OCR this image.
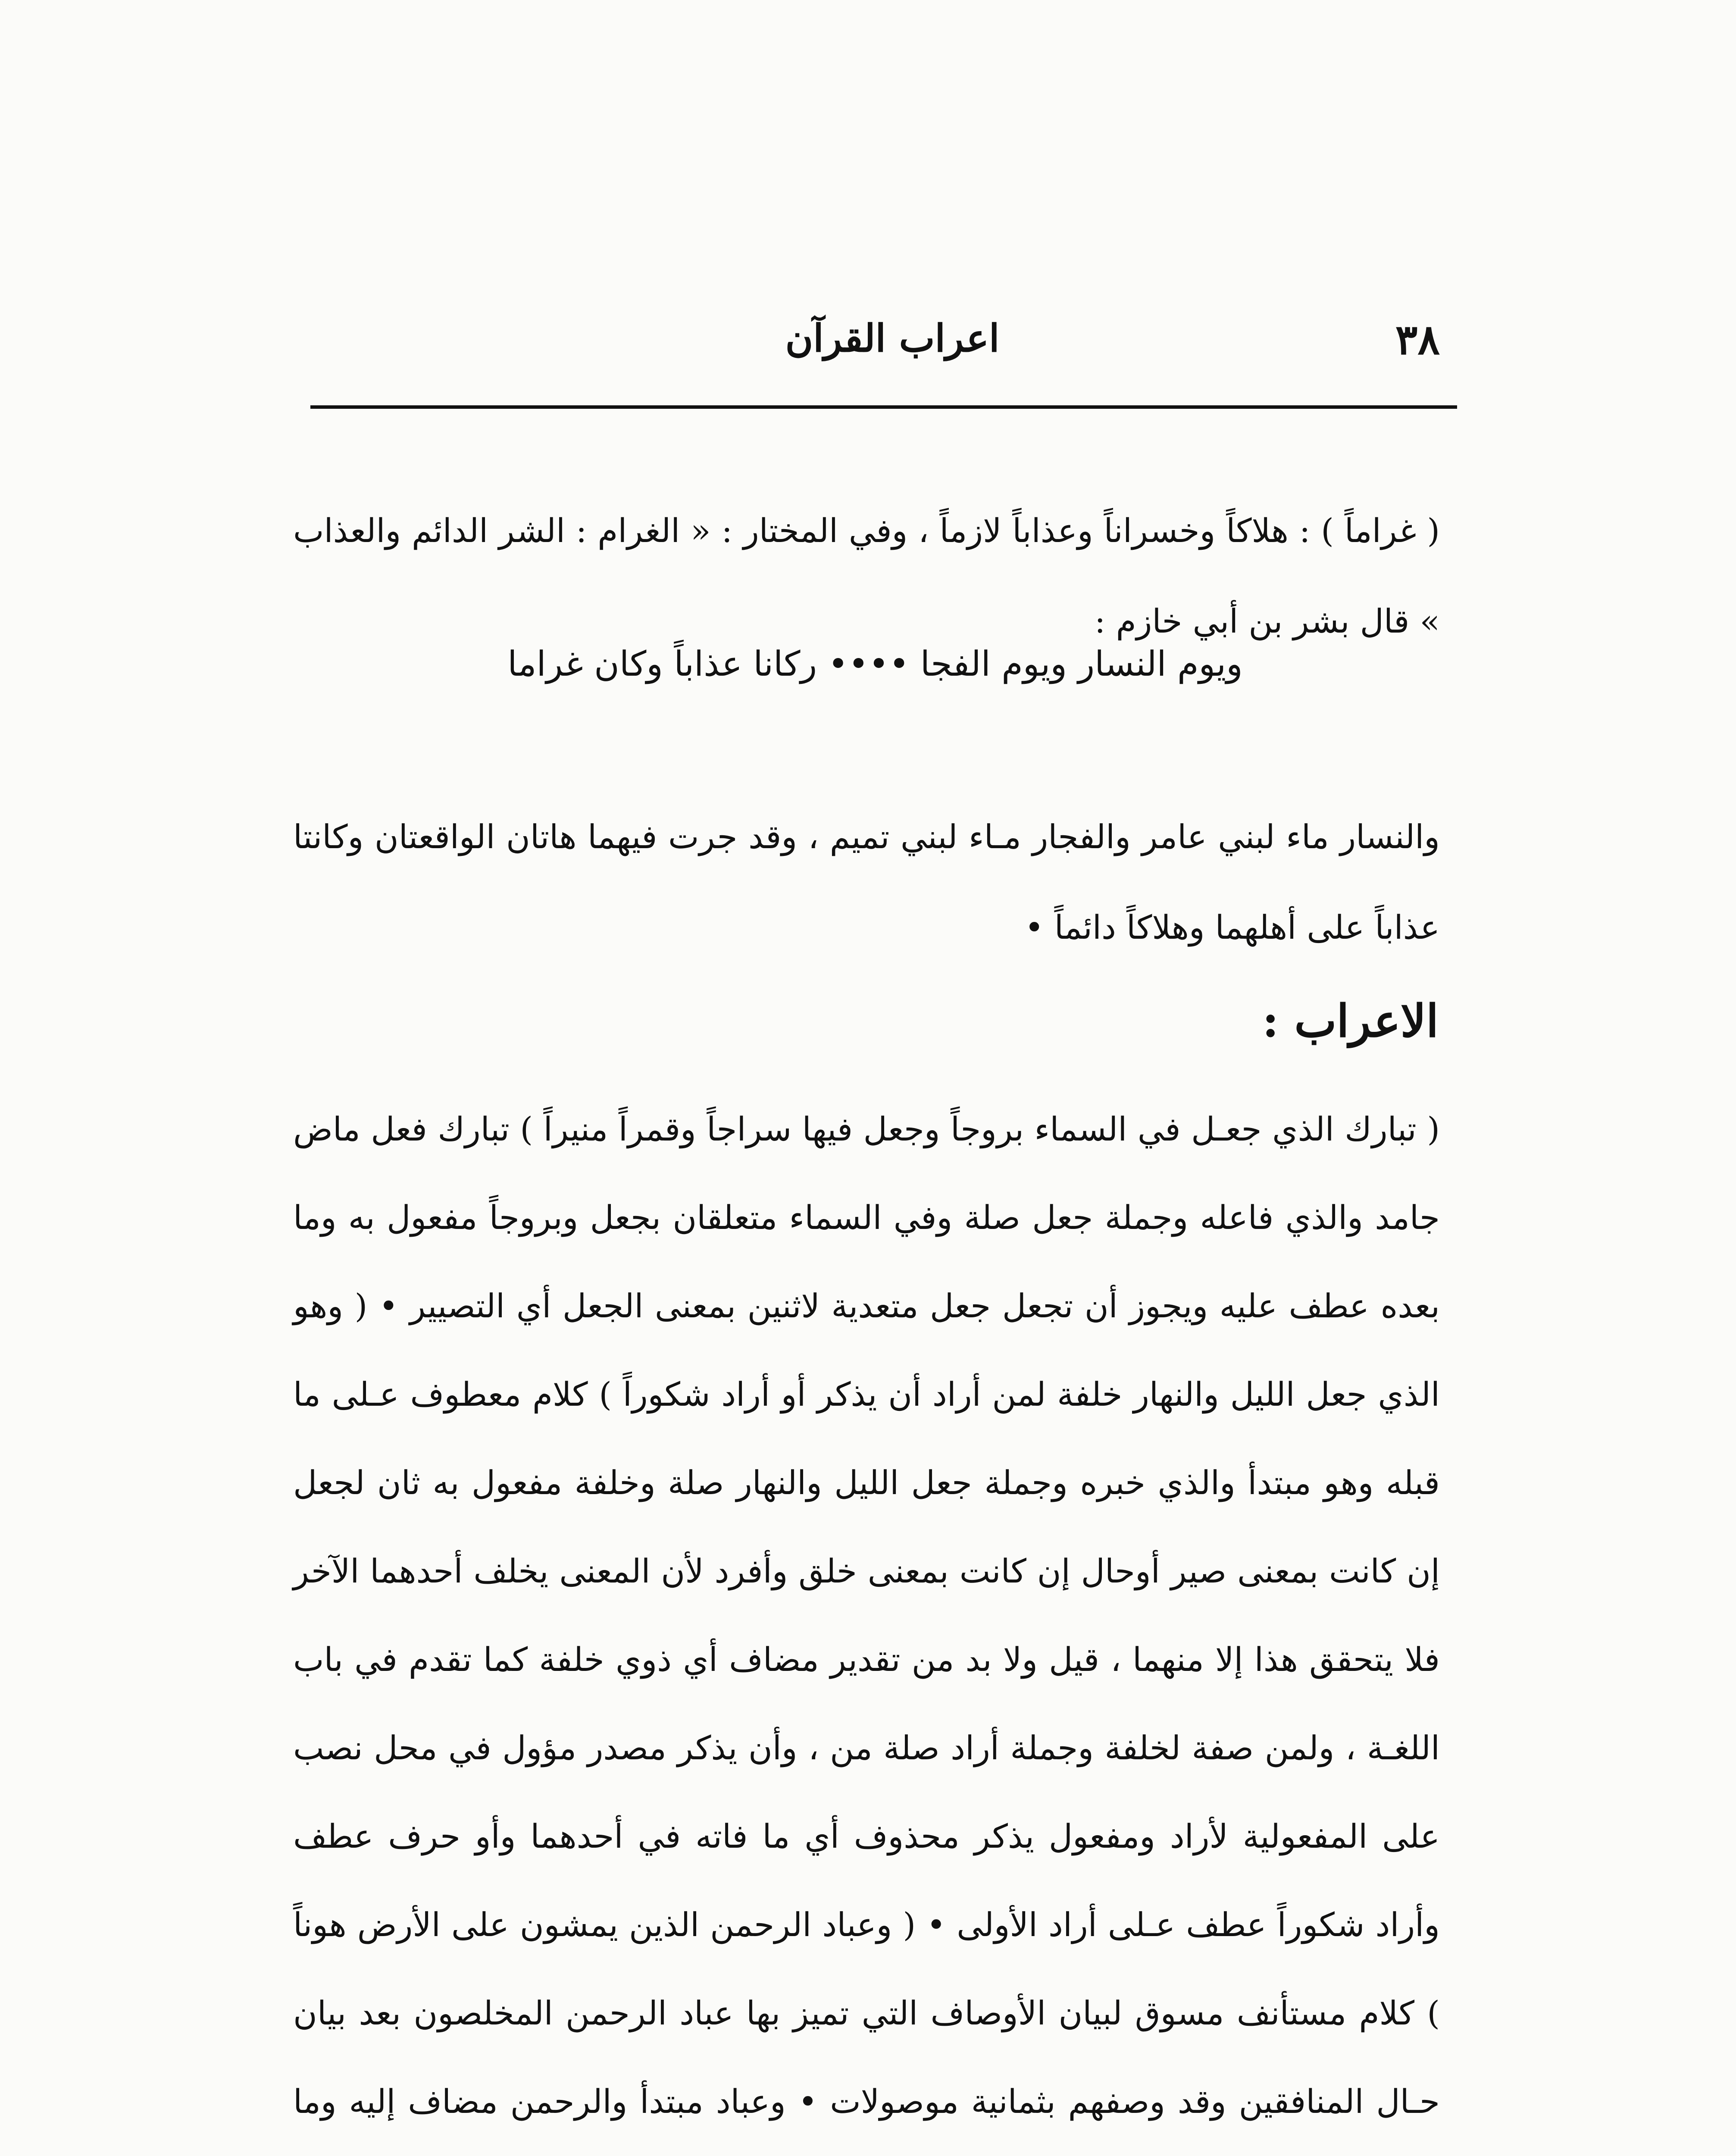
٣٨
اعراب القرآن

( غراماً ) : هلاكاً وخسراناً وعذاباً لازماً ، وفي المختار : « الغرام : الشر الدائم والعذاب » قال بشر بن أبي خازم :

ويوم النسار ويوم الفجا •••• ركانا عذاباً وكان غراما

والنسار ماء لبني عامر والفجار مـاء لبني تميم ، وقد جرت فيهما هاتان الواقعتان وكانتا عذاباً على أهلهما وهلاكاً دائماً •

الاعراب :

( تبارك الذي جعـل في السماء بروجاً وجعل فيها سراجاً وقمراً منيراً ) تبارك فعل ماض جامد والذي فاعله وجملة جعل صلة وفي السماء متعلقان بجعل وبروجاً مفعول به وما بعده عطف عليه ويجوز أن تجعل جعل متعدية لاثنين بمعنى الجعل أي التصيير • ( وهو الذي جعل الليل والنهار خلفة لمن أراد أن يذكر أو أراد شكوراً ) كلام معطوف عـلى ما قبله وهو مبتدأ والذي خبره وجملة جعل الليل والنهار صلة وخلفة مفعول به ثان لجعل إن كانت بمعنى صير أوحال إن كانت بمعنى خلق وأفرد لأن المعنى يخلف أحدهما الآخر فلا يتحقق هذا إلا منهما ، قيل ولا بد من تقدير مضاف أي ذوي خلفة كما تقدم في باب اللغـة ، ولمن صفة لخلفة وجملة أراد صلة من ، وأن يذكر مصدر مؤول في محل نصب على المفعولية لأراد ومفعول يذكر محذوف أي ما فاته في أحدهما وأو حرف عطف وأراد شكوراً عطف عـلى أراد الأولى • ( وعباد الرحمن الذين يمشون على الأرض هوناً ) كلام مستأنف مسوق لبيان الأوصاف التي تميز بها عباد الرحمن المخلصون بعد بيان حـال المنافقين وقد وصفهم بثمانية موصولات • وعباد مبتدأ والرحمن مضاف إليه وما
